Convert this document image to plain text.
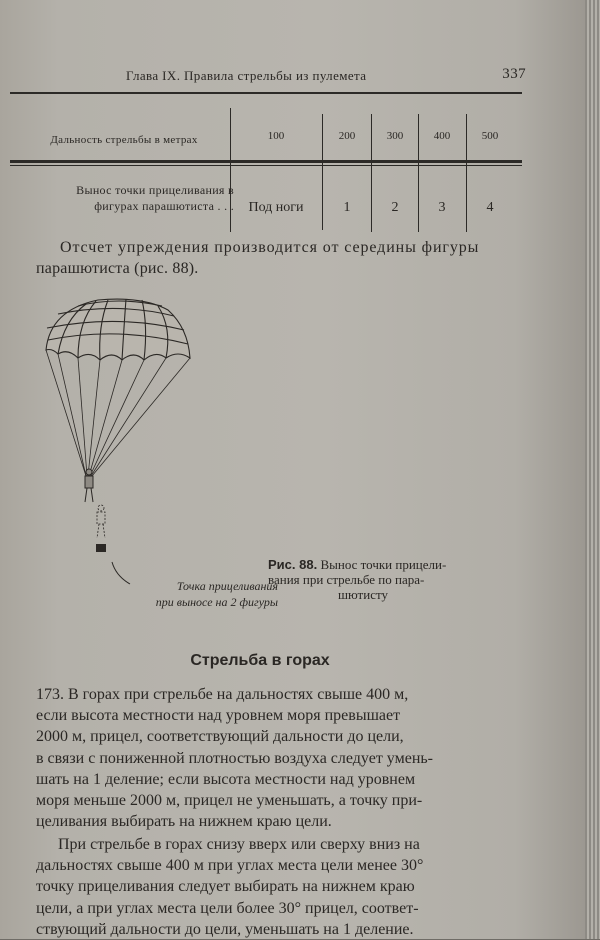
Глава IX. Правила стрельбы из пулемета	337
Дальность стрельбы в метрах	100	200	300	400	500
Вынос точки прицеливания в
фигурах парашютиста . . .	Под ноги	1	2	3	4
Отсчет упреждения производится от середины фигуры
парашютиста (рис. 88).
Точка прицеливания
при выносе на 2 фигуры
Рис. 88. Вынос точки прицели-
вания при стрельбе по пара-
шютисту
Стрельба в горах
173. В горах при стрельбе на дальностях свыше 400 м,
если высота местности над уровнем моря превышает
2000 м, прицел, соответствующий дальности до цели,
в связи с пониженной плотностью воздуха следует умень-
шать на 1 деление; если высота местности над уровнем
моря меньше 2000 м, прицел не уменьшать, а точку при-
целивания выбирать на нижнем краю цели.
При стрельбе в горах снизу вверх или сверху вниз на
дальностях свыше 400 м при углах места цели менее 30°
точку прицеливания следует выбирать на нижнем краю
цели, а при углах места цели более 30° прицел, соответ-
ствующий дальности до цели, уменьшать на 1 деление.
